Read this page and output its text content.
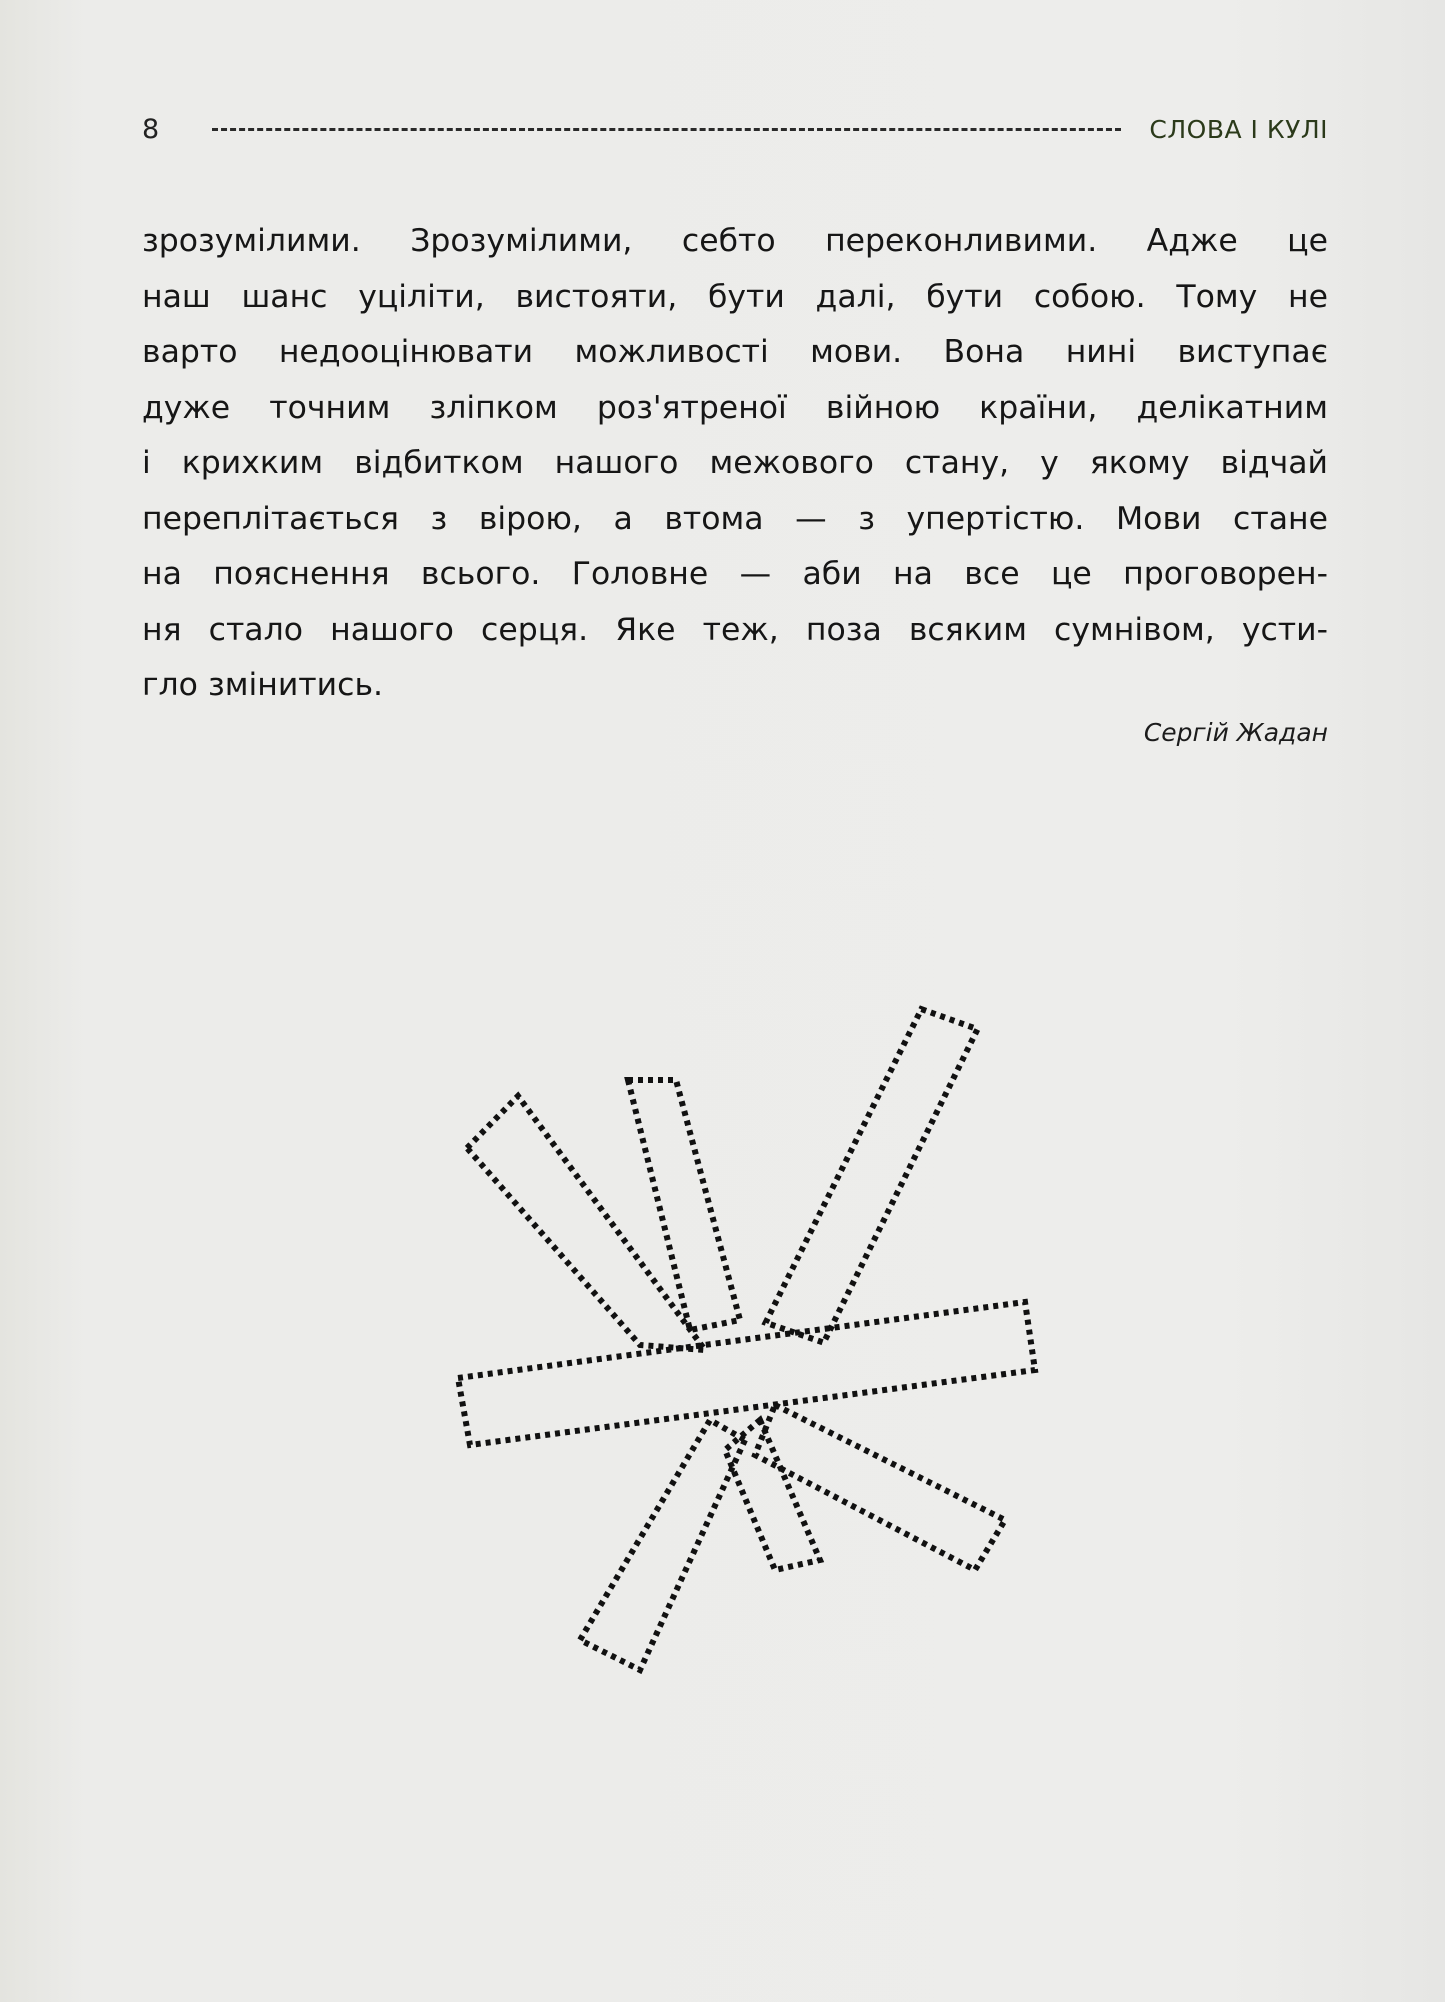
8	СЛОВА І КУЛІ
зрозумілими. Зрозумілими, себто переконливими. Адже це
наш шанс уціліти, вистояти, бути далі, бути собою. Тому не
варто недооцінювати можливості мови. Вона нині виступає
дуже точним зліпком роз'ятреної війною країни, делікатним
і крихким відбитком нашого межового стану, у якому відчай
переплітається з вірою, а втома — з упертістю. Мови стане
на пояснення всього. Головне — аби на все це проговорен-
ня стало нашого серця. Яке теж, поза всяким сумнівом, усти-
гло змінитись.
Сергій Жадан
